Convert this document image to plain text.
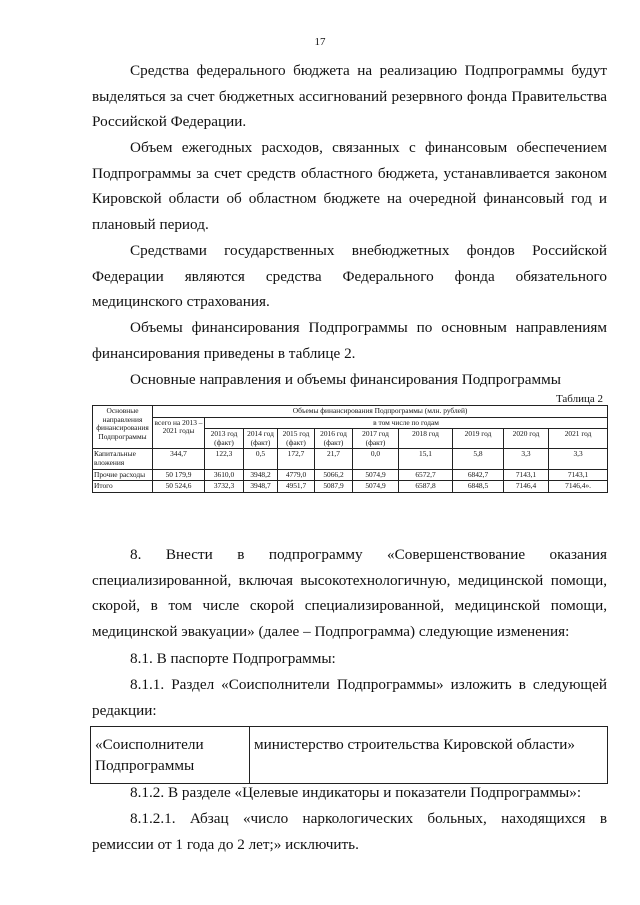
17

Средства федерального бюджета на реализацию Подпрограммы будут выделяться за счет бюджетных ассигнований резервного фонда Правительства Российской Федерации.

Объем ежегодных расходов, связанных с финансовым обеспечением Подпрограммы за счет средств областного бюджета, устанавливается законом Кировской области об областном бюджете на очередной финансовый год и плановый период.

Средствами государственных внебюджетных фондов Российской Федерации являются средства Федерального фонда обязательного медицинского страхования.

Объемы финансирования Подпрограммы по основным направлениям финансирования приведены в таблице 2.

Основные направления и объемы финансирования Подпрограммы
Таблица 2
Основные направления финансирования Подпрограммы	Объемы финансирования Подпрограммы (млн. рублей)									
	всего на 2013 – 2021 годы	в том числе по годам								
		2013 год (факт)	2014 год (факт)	2015 год (факт)	2016 год (факт)	2017 год (факт)	2018 год	2019 год	2020 год	2021 год
Капитальные вложения	344,7	122,3	0,5	172,7	21,7	0,0	15,1	5,8	3,3	3,3
Прочие расходы	50 179,9	3610,0	3948,2	4779,0	5066,2	5074,9	6572,7	6842,7	7143,1	7143,1
Итого	50 524,6	3732,3	3948,7	4951,7	5087,9	5074,9	6587,8	6848,5	7146,4	7146,4».

8. Внести в подпрограмму «Совершенствование оказания специализированной, включая высокотехнологичную, медицинской помощи, скорой, в том числе скорой специализированной, медицинской помощи, медицинской эвакуации» (далее – Подпрограмма) следующие изменения:

8.1. В паспорте Подпрограммы:

8.1.1. Раздел «Соисполнители Подпрограммы» изложить в следующей редакции:

«Соисполнители Подпрограммы	министерство строительства Кировской области»

8.1.2. В разделе «Целевые индикаторы и показатели Подпрограммы»:

8.1.2.1. Абзац «число наркологических больных, находящихся в ремиссии от 1 года до 2 лет;» исключить.
